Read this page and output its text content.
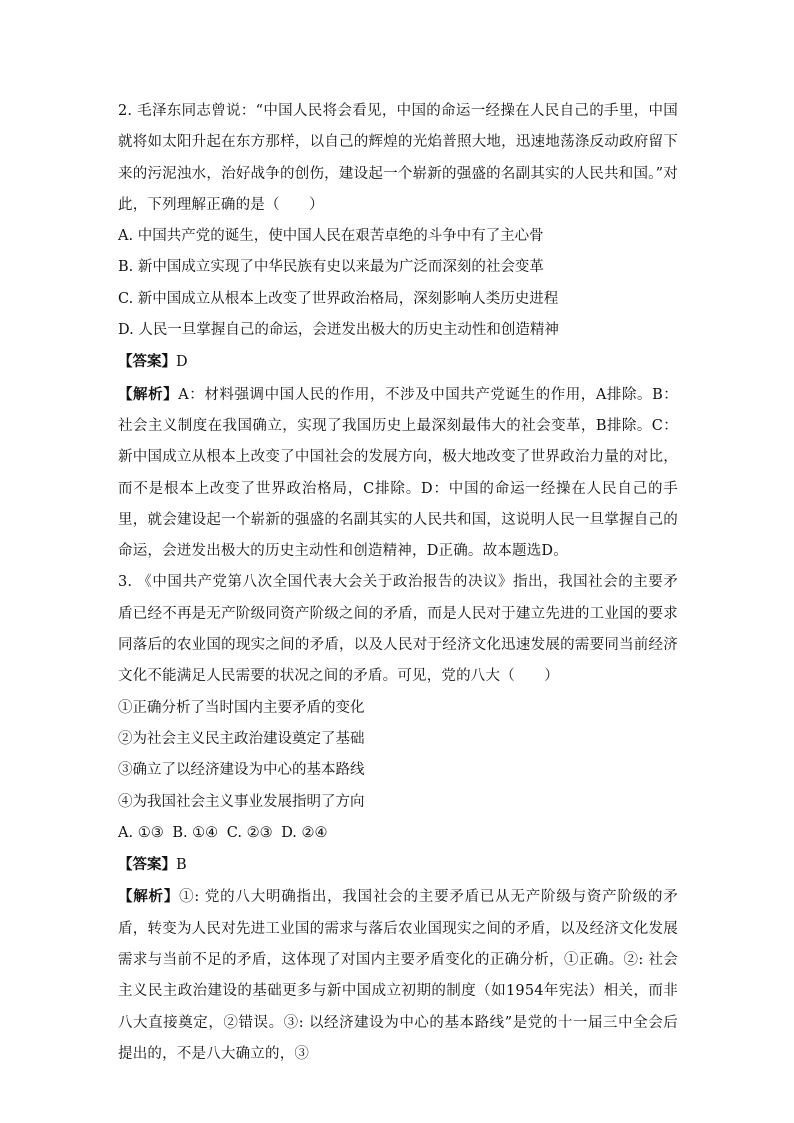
2. 毛泽东同志曾说：“中国人民将会看见，中国的命运一经操在人民自己的手里，中国就将如太阳升起在东方那样，以自己的辉煌的光焰普照大地，迅速地荡涤反动政府留下来的污泥浊水，治好战争的创伤，建设起一个崭新的强盛的名副其实的人民共和国。”对此，下列理解正确的是（　　）

A. 中国共产党的诞生，使中国人民在艰苦卓绝的斗争中有了主心骨

B. 新中国成立实现了中华民族有史以来最为广泛而深刻的社会变革

C. 新中国成立从根本上改变了世界政治格局，深刻影响人类历史进程

D. 人民一旦掌握自己的命运，会迸发出极大的历史主动性和创造精神

【答案】D

【解析】A：材料强调中国人民的作用，不涉及中国共产党诞生的作用，A排除。B：社会主义制度在我国确立，实现了我国历史上最深刻最伟大的社会变革，B排除。C：新中国成立从根本上改变了中国社会的发展方向，极大地改变了世界政治力量的对比，而不是根本上改变了世界政治格局，C排除。D：中国的命运一经操在人民自己的手里，就会建设起一个崭新的强盛的名副其实的人民共和国，这说明人民一旦掌握自己的命运，会迸发出极大的历史主动性和创造精神，D正确。故本题选D。

3. 《中国共产党第八次全国代表大会关于政治报告的决议》指出，我国社会的主要矛盾已经不再是无产阶级同资产阶级之间的矛盾，而是人民对于建立先进的工业国的要求同落后的农业国的现实之间的矛盾，以及人民对于经济文化迅速发展的需要同当前经济文化不能满足人民需要的状况之间的矛盾。可见，党的八大（　　）

①正确分析了当时国内主要矛盾的变化

②为社会主义民主政治建设奠定了基础

③确立了以经济建设为中心的基本路线

④为我国社会主义事业发展指明了方向

A. ①③ B. ①④ C. ②③ D. ②④

【答案】B

【解析】①: 党的八大明确指出，我国社会的主要矛盾已从无产阶级与资产阶级的矛盾，转变为人民对先进工业国的需求与落后农业国现实之间的矛盾，以及经济文化发展需求与当前不足的矛盾，这体现了对国内主要矛盾变化的正确分析，①正确。②: 社会主义民主政治建设的基础更多与新中国成立初期的制度（如1954年宪法）相关，而非八大直接奠定，②错误。③: 以经济建设为中心的基本路线”是党的十一届三中全会后提出的，不是八大确立的，③
